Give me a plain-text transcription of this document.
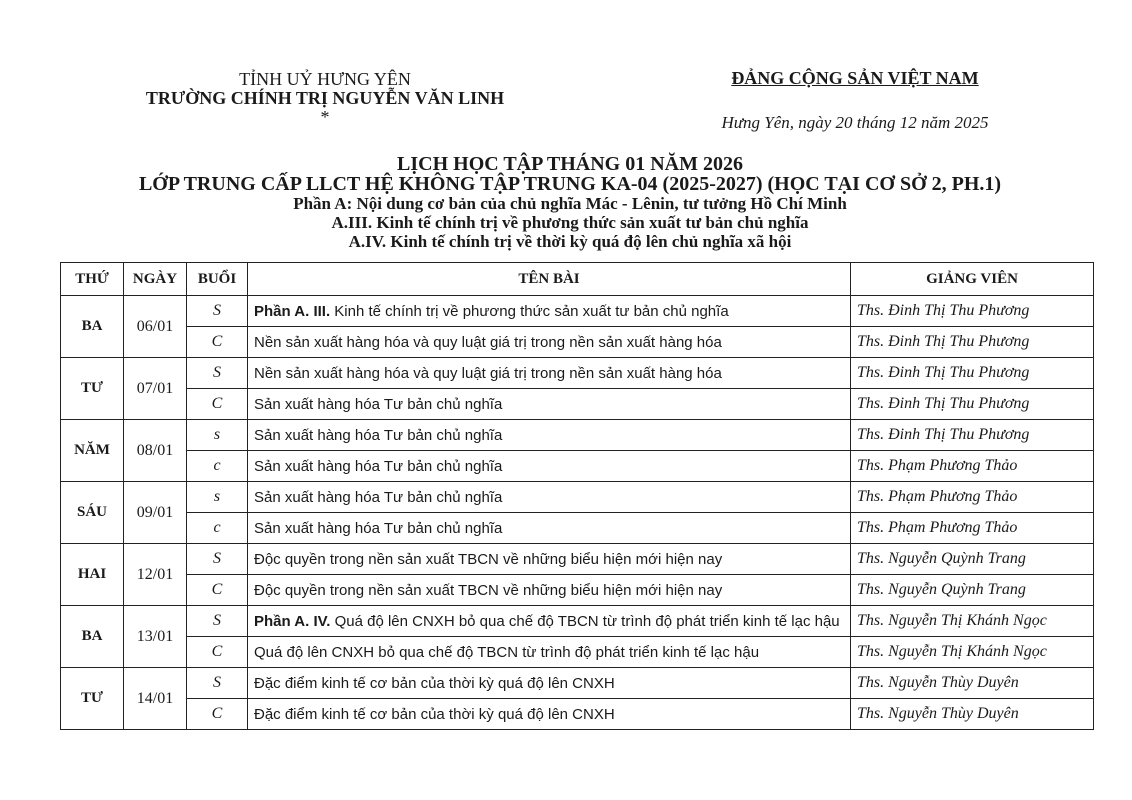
TỈNH UỶ HƯNG YÊN
TRƯỜNG CHÍNH TRỊ NGUYỄN VĂN LINH
*
ĐẢNG CỘNG SẢN VIỆT NAM
Hưng Yên, ngày 20 tháng 12 năm 2025
LỊCH HỌC TẬP THÁNG 01 NĂM 2026
LỚP TRUNG CẤP LLCT HỆ KHÔNG TẬP TRUNG KA-04 (2025-2027) (HỌC TẠI CƠ SỞ 2, PH.1)
Phần A: Nội dung cơ bản của chủ nghĩa Mác - Lênin, tư tưởng Hồ Chí Minh
A.III. Kinh tế chính trị về phương thức sản xuất tư bản chủ nghĩa
A.IV. Kinh tế chính trị về thời kỳ quá độ lên chủ nghĩa xã hội
THỨ	NGÀY	BUỔI	TÊN BÀI	GIẢNG VIÊN
BA	06/01	S	Phần A. III. Kinh tế chính trị về phương thức sản xuất tư bản chủ nghĩa	Ths. Đinh Thị Thu Phương
		C	Nền sản xuất hàng hóa và quy luật giá trị trong nền sản xuất hàng hóa	Ths. Đinh Thị Thu Phương
TƯ	07/01	S	Nền sản xuất hàng hóa và quy luật giá trị trong nền sản xuất hàng hóa	Ths. Đinh Thị Thu Phương
		C	Sản xuất hàng hóa Tư bản chủ nghĩa	Ths. Đinh Thị Thu Phương
NĂM	08/01	s	Sản xuất hàng hóa Tư bản chủ nghĩa	Ths. Đinh Thị Thu Phương
		c	Sản xuất hàng hóa Tư bản chủ nghĩa	Ths. Phạm Phương Thảo
SÁU	09/01	s	Sản xuất hàng hóa Tư bản chủ nghĩa	Ths. Phạm Phương Thảo
		c	Sản xuất hàng hóa Tư bản chủ nghĩa	Ths. Phạm Phương Thảo
HAI	12/01	S	Độc quyền trong nền sản xuất TBCN về những biểu hiện mới hiện nay	Ths. Nguyễn Quỳnh Trang
		C	Độc quyền trong nền sản xuất TBCN về những biểu hiện mới hiện nay	Ths. Nguyễn Quỳnh Trang
BA	13/01	S	Phần A. IV. Quá độ lên CNXH bỏ qua chế độ TBCN từ trình độ phát triển kinh tế lạc hậu	Ths. Nguyễn Thị Khánh Ngọc
		C	Quá độ lên CNXH bỏ qua chế độ TBCN từ trình độ phát triển kinh tế lạc hậu	Ths. Nguyễn Thị Khánh Ngọc
TƯ	14/01	S	Đặc điểm kinh tế cơ bản của thời kỳ quá độ lên CNXH	Ths. Nguyễn Thùy Duyên
		C	Đặc điểm kinh tế cơ bản của thời kỳ quá độ lên CNXH	Ths. Nguyễn Thùy Duyên
